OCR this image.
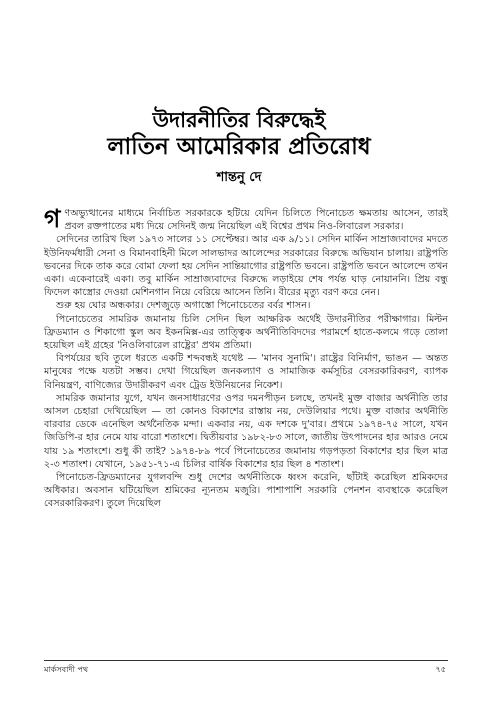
উদারনীতির বিরুদ্ধেই
লাতিন আমেরিকার প্রতিরোধ
শান্তনু দে

গণঅভ্যুত্থানের মাধ্যমে নির্বাচিত সরকারকে হটিয়ে যেদিন চিলিতে পিনোচেত ক্ষমতায় আসেন, তারই প্রবল রক্তপাতের মধ্য দিয়ে সেদিনই জন্ম নিয়েছিল এই বিশ্বের প্রথম নিও-লিবারেল সরকার।

সেদিনের তারিখ ছিল ১৯৭৩ সালের ১১ সেপ্টেম্বর। আর এক ৯/১১। সেদিন মার্কিন সাম্রাজ্যবাদের মদতে ইউনিফর্মধারী সেনা ও বিমানবাহিনী মিলে সালভাদর আলেন্দের সরকারের বিরুদ্ধে অভিযান চালায়। রাষ্ট্রপতি ভবনের দিকে তাক করে বোমা ফেলা হয় সেদিন সান্তিয়াগোর রাষ্ট্রপতি ভবনে। রাষ্ট্রপতি ভবনে আলেন্দে তখন একা। একেবারেই একা। তবু মার্কিন সাম্রাজ্যবাদের বিরুদ্ধে লড়াইয়ে শেষ পর্যন্ত ঘাড় নোয়াননি। প্রিয় বন্ধু ফিদেল কাস্ত্রোর দেওয়া মেশিনগান নিয়ে বেরিয়ে আসেন তিনি। বীরের মৃত্যু বরণ করে নেন।

শুরু হয় ঘোর অন্ধকার। দেশজুড়ে অগাস্তো পিনোচেতের বর্বর শাসন।

পিনোচেতের সামরিক জমানায় চিলি সেদিন ছিল আক্ষরিক অর্থেই উদারনীতির পরীক্ষাগার। মিল্টন ফ্রিডম্যান ও শিকাগো স্কুল অব ইকনমিক্স-এর তাত্ত্বিক অর্থনীতিবিদদের পরামর্শে হাতে-কলমে গড়ে তোলা হয়েছিল এই গ্রহের 'নিওলিবারেল রাষ্ট্রের' প্রথম প্রতিমা।

বিপর্যয়ের ছবি তুলে ধরতে একটি শব্দবন্ধই যথেষ্ট — 'মানব সুনামি'। রাষ্ট্রের বিনির্মাণ, ভাঙন — অন্তত মানুষের পক্ষে যতটা সম্ভব। দেখা গিয়েছিল জনকল্যাণ ও সামাজিক কর্মসূচির বেসরকারিকরণ, ব্যাপক বিনিয়ন্ত্রণ, বাণিজ্যের উদারীকরণ এবং ট্রেড ইউনিয়নের নিকেশ।

সামরিক জমানার যুগে, যখন জনসাধারণের ওপর দমনপীড়ন চলছে, তখনই মুক্ত বাজার অর্থনীতি তার আসল চেহারা দেখিয়েছিল — তা কোনও বিকাশের রাস্তায় নয়, দেউলিয়ার পথে। মুক্ত বাজার অর্থনীতি বারবার ডেকে এনেছিল অর্থনৈতিক মন্দা। একবার নয়, এক দশকে দু'বার। প্রথমে ১৯৭৪-৭৫ সালে, যখন জিডিপি-র হার নেমে যায় বারো শতাংশে। দ্বিতীয়বার ১৯৮২-৮৩ সালে, জাতীয় উৎপাদনের হার আরও নেমে যায় ১৯ শতাংশে। শুধু কী তাই? ১৯৭৪-৮৯ পর্বে পিনোচেতের জমানায় গড়পড়তা বিকাশের হার ছিল মাত্র ২-৩ শতাংশ। যেখানে, ১৯৫১-৭১-এ চিলির বার্ষিক বিকাশের হার ছিল ৪ শতাংশ।

পিনোচেত-ফ্রিডম্যানের যুগলবন্দি শুধু দেশের অর্থনীতিকে ধ্বংস করেনি, ছাঁটাই করেছিল শ্রমিকদের অধিকার। অবসান ঘটিয়েছিল শ্রমিকের ন্যূনতম মজুরি। পাশাপাশি সরকারি পেনশন ব্যবস্থাকে করেছিল বেসরকারিকরণ। তুলে দিয়েছিল

মার্কসবাদী পথ	৭৫
